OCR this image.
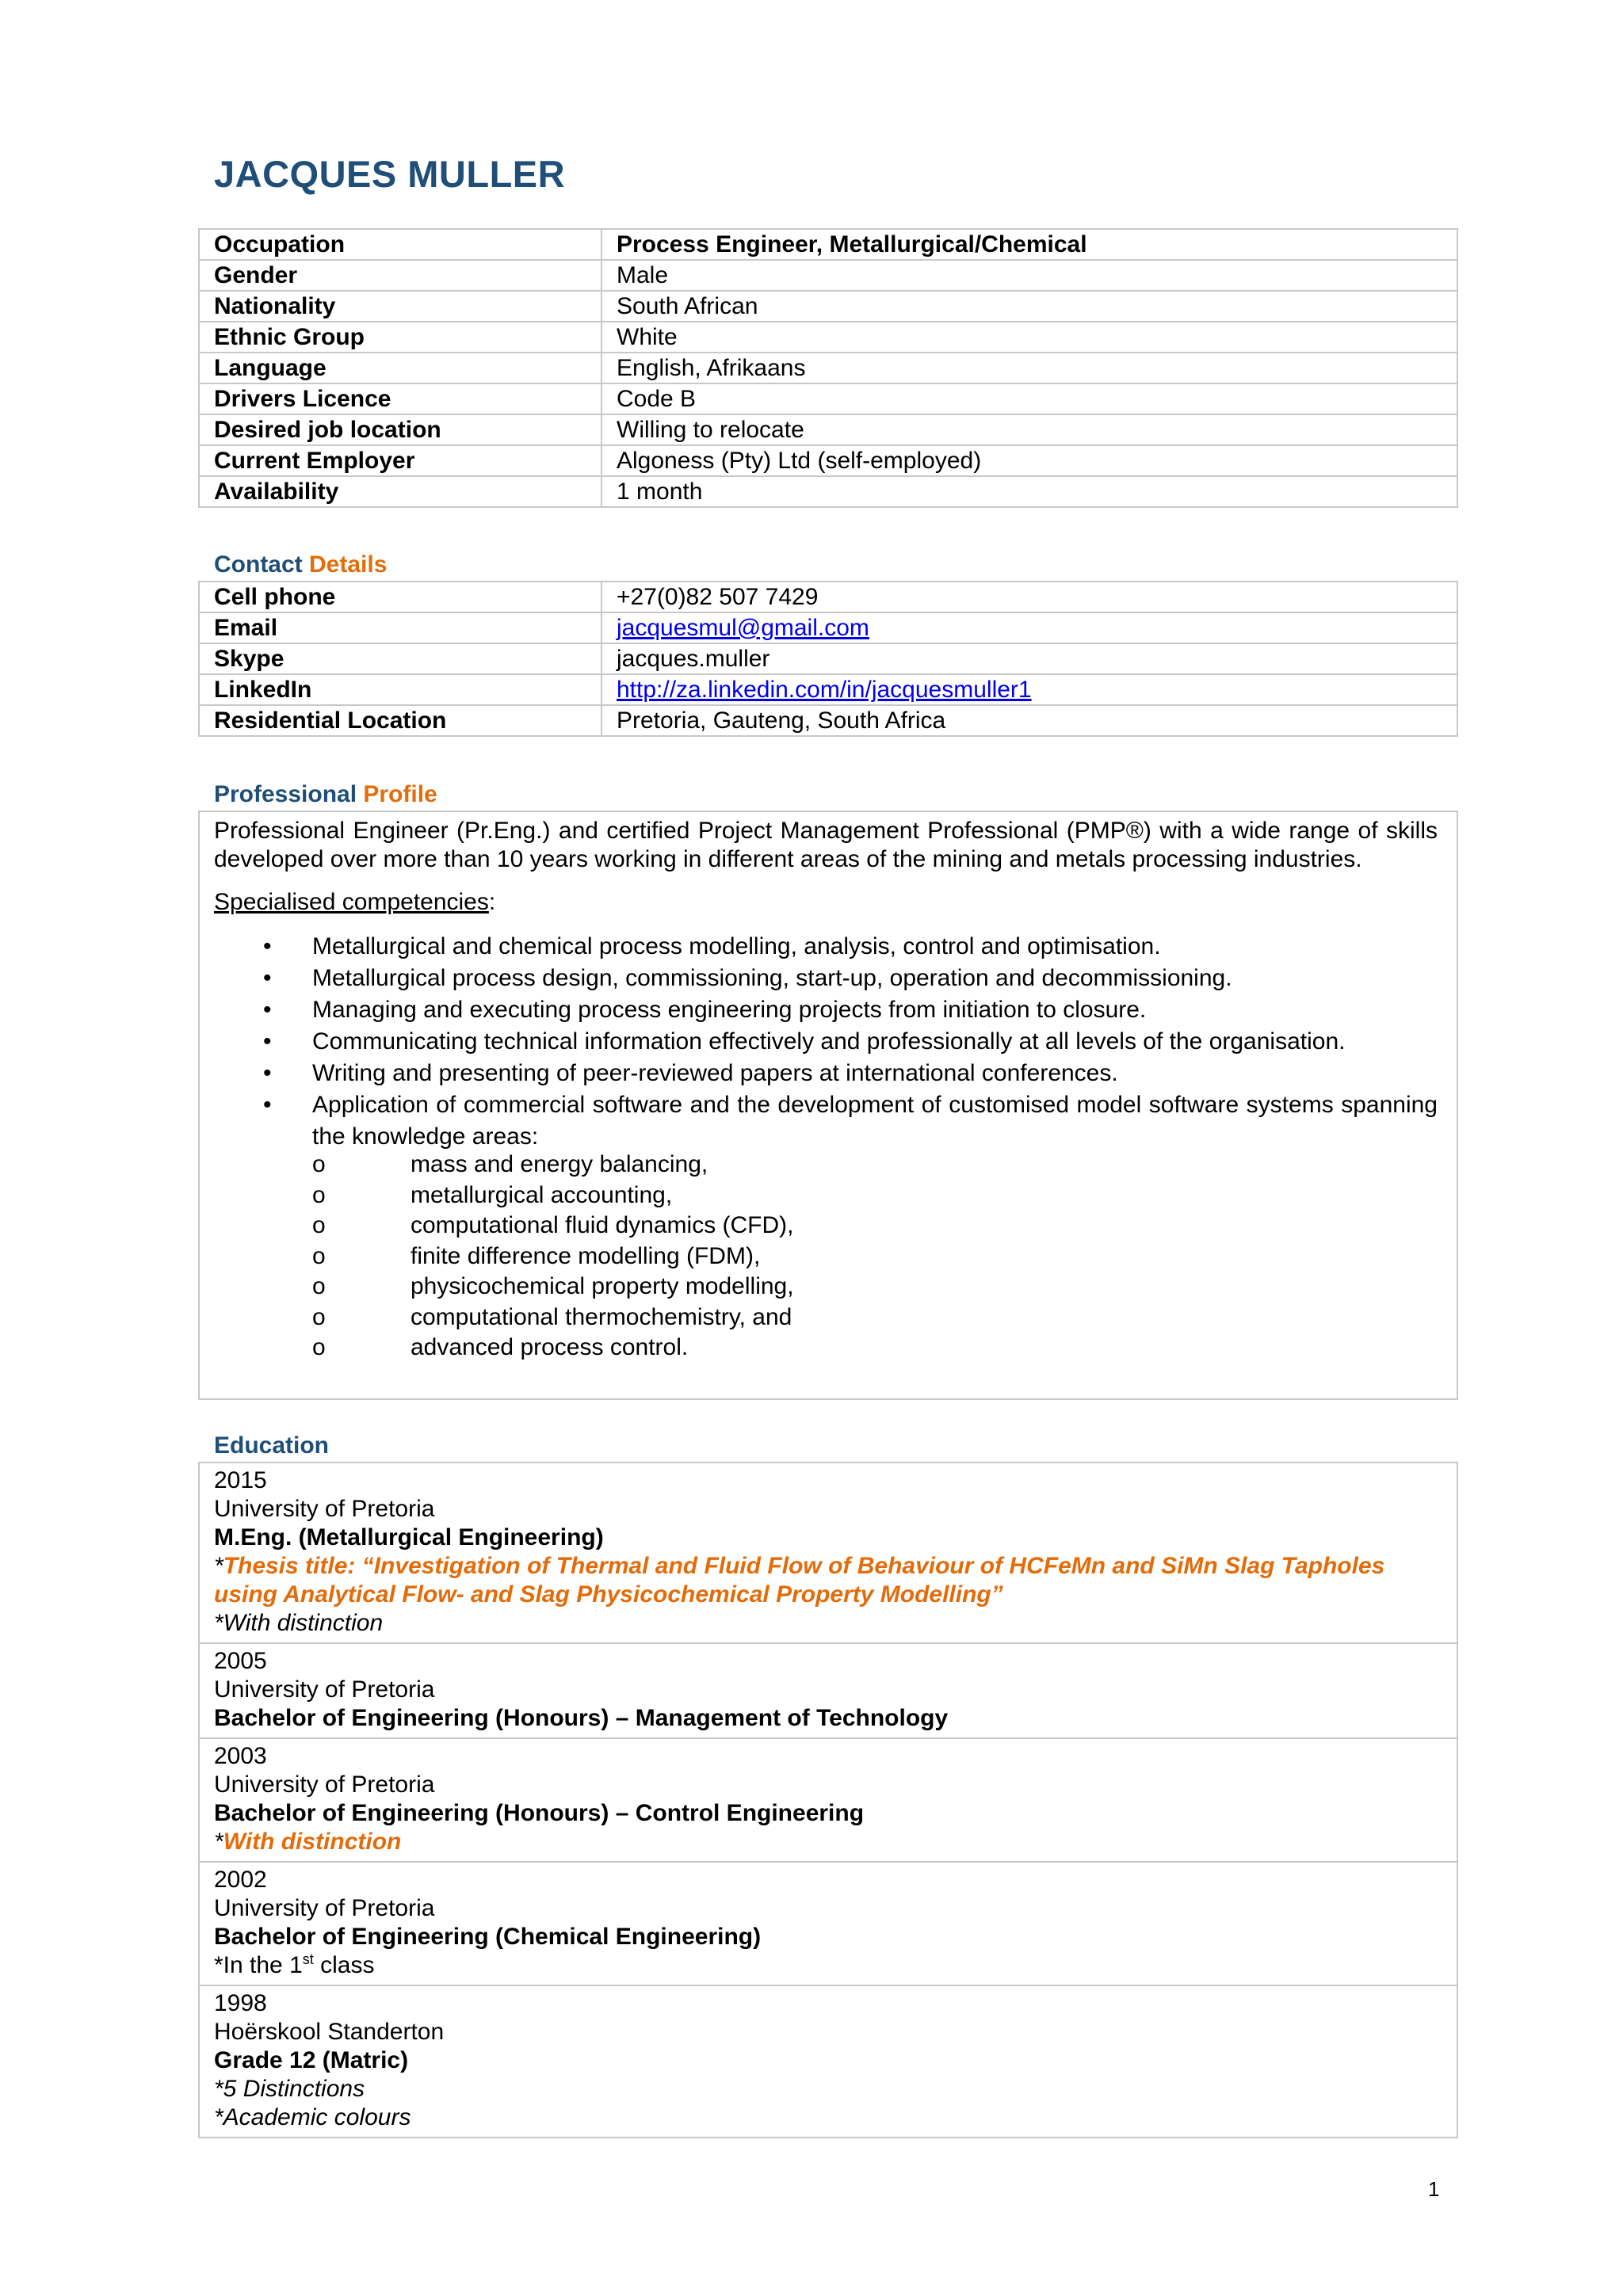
JACQUES MULLER
Occupation	Process Engineer, Metallurgical/Chemical
Gender	Male
Nationality	South African
Ethnic Group	White
Language	English, Afrikaans
Drivers Licence	Code B
Desired job location	Willing to relocate
Current Employer	Algoness (Pty) Ltd (self-employed)
Availability	1 month
Contact Details
Cell phone	+27(0)82 507 7429
Email	jacquesmul@gmail.com
Skype	jacques.muller
LinkedIn	http://za.linkedin.com/in/jacquesmuller1
Residential Location	Pretoria, Gauteng, South Africa
Professional Profile

Professional Engineer (Pr.Eng.) and certified Project Management Professional (PMP®) with a wide range of skills developed over more than 10 years working in different areas of the mining and metals processing industries.

Specialised competencies:

• Metallurgical and chemical process modelling, analysis, control and optimisation.
• Metallurgical process design, commissioning, start-up, operation and decommissioning.
• Managing and executing process engineering projects from initiation to closure.
• Communicating technical information effectively and professionally at all levels of the organisation.
• Writing and presenting of peer-reviewed papers at international conferences.
• Application of commercial software and the development of customised model software systems spanning the knowledge areas:
o	mass and energy balancing,
o	metallurgical accounting,
o	computational fluid dynamics (CFD),
o	finite difference modelling (FDM),
o	physicochemical property modelling,
o	computational thermochemistry, and
o	advanced process control.
Education
2015
University of Pretoria
M.Eng. (Metallurgical Engineering)
*Thesis title: “Investigation of Thermal and Fluid Flow of Behaviour of HCFeMn and SiMn Slag Tapholes using Analytical Flow- and Slag Physicochemical Property Modelling”
*With distinction

2005
University of Pretoria
Bachelor of Engineering (Honours) – Management of Technology

2003
University of Pretoria
Bachelor of Engineering (Honours) – Control Engineering
*With distinction

2002
University of Pretoria
Bachelor of Engineering (Chemical Engineering)
*In the 1st class

1998
Hoërskool Standerton
Grade 12 (Matric)
*5 Distinctions
*Academic colours
1
